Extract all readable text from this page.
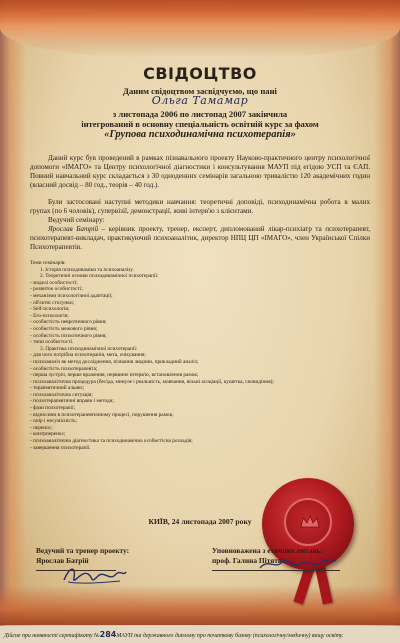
СВІДОЦТВО
Даним свідоцтвом засвідчуємо, що пані
Ольга Тамамар
з листопада 2006 по листопад 2007 закінчила
інтегрований в основну спеціальність освітній курс за фахом
«Групова психодинамічна психотерапія»
Даний курс був проведений в рамках пізнавального проекту Науково-практичного центру психологічної допомоги «ІМАГО» та Центру психологічної діагностики і консультування МАУП під егідою УСП та ЄАП. Повний навчальний курс складається з 30 одноденних семінарів загальною тривалістю 120 академічних годин (власний досвід – 80 год., теорія – 40 год.).
Були застосовані наступні методики навчання: теоретичні доповіді, психодинамічна робота в малих групах (по 6 чоловік), супервізії, демонстрації, живі інтерв'ю з клієнтами.
Ведучий семінару:
Ярослав Батрій – керівник проекту, тренер, експерт, дипломований лікар-психіатр та психотерапевт, психотерапевт-викладач, практикуючий психоаналітик, директор НПЦ ЦП «ІМАГО», член Української Спілки Психотерапевтів.
Теми семінарів:
1. Історія психодинаміки та психоаналізу.
2. Теоретичні основи психодинамічної психотерапії:
- моделі особистості;
- розвиток особистості;
- механізми психологічної адаптації;
- об'єктні стосунки;
- Self-психологія;
- Его-психологія;
- особистість невротичного рівня;
- особистість межового рівня;
- особистість психотичного рівня;
- типи особистості.
3. Практика психодинамічної психотерапії:
- для чого потрібна психотерапія, мета, очікування;
- психоаналіз як метод дослідження, пізнання людини, прикладний аналіз;
- особистість психотерапевта;
- перша зустріч, перше враження, первинне інтерв'ю, встановлення рамок;
- психоаналітична процедура (бесіда, минуле і реальність, мовчання, вільні асоціації, кушетка, сновидіння);
- терапевтичний альянс;
- психоаналітична ситуація;
- психотерапевтичні вправи і методи;
- фази психотерапії;
- відносини в психотерапевтичному процесі, порушення рамок;
- опір і несумісність;
- перенос;
- контрперенос;
- психоаналітична діагностика та психодинамічна особистісна розладів;
- завершення психотерапії.
КИЇВ, 24 листопада 2007 року
Ведучий та тренер проекту:
Ярослав Батрій
Уповноважена з етичних питань:
проф. Галина Пітятка
Дійсне при наявності сертифікату №284МАУП та державного диплому про початкову базову (психологічну/медичну) вищу освіту.
